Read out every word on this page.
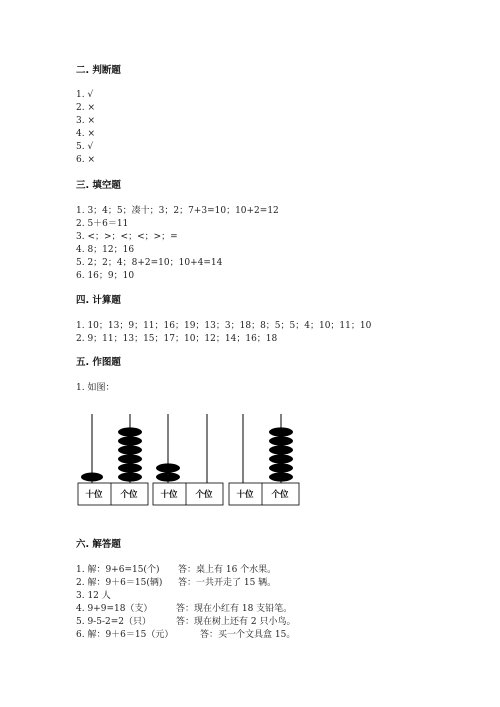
二. 判断题
1. √
2. ×
3. ×
4. ×
5. √
6. ×
三. 填空题
1. 3；4；5；凑十；3；2；7+3=10；10+2=12
2. 5＋6＝11
3. <；>；<；<；>；=
4. 8；12；16
5. 2；2；4；8+2=10；10+4=14
6. 16；9；10
四. 计算题
1. 10；13；9；11；16；19；13；3；18；8；5；5；4；10；11；10
2. 9；11；13；15；17；10；12；14；16；18
五. 作图题
1. 如图：
十位 个位	十位 个位	十位 个位
六. 解答题
1. 解：9+6=15(个) 答：桌上有 16 个水果。
2. 解：9＋6＝15(辆) 答：一共开走了 15 辆。
3. 12 人
4. 9+9=18（支）	答：现在小红有 18 支铅笔。
5. 9-5-2=2（只）	答：现在树上还有 2 只小鸟。
6. 解：9＋6＝15（元）	答：买一个文具盒 15。
